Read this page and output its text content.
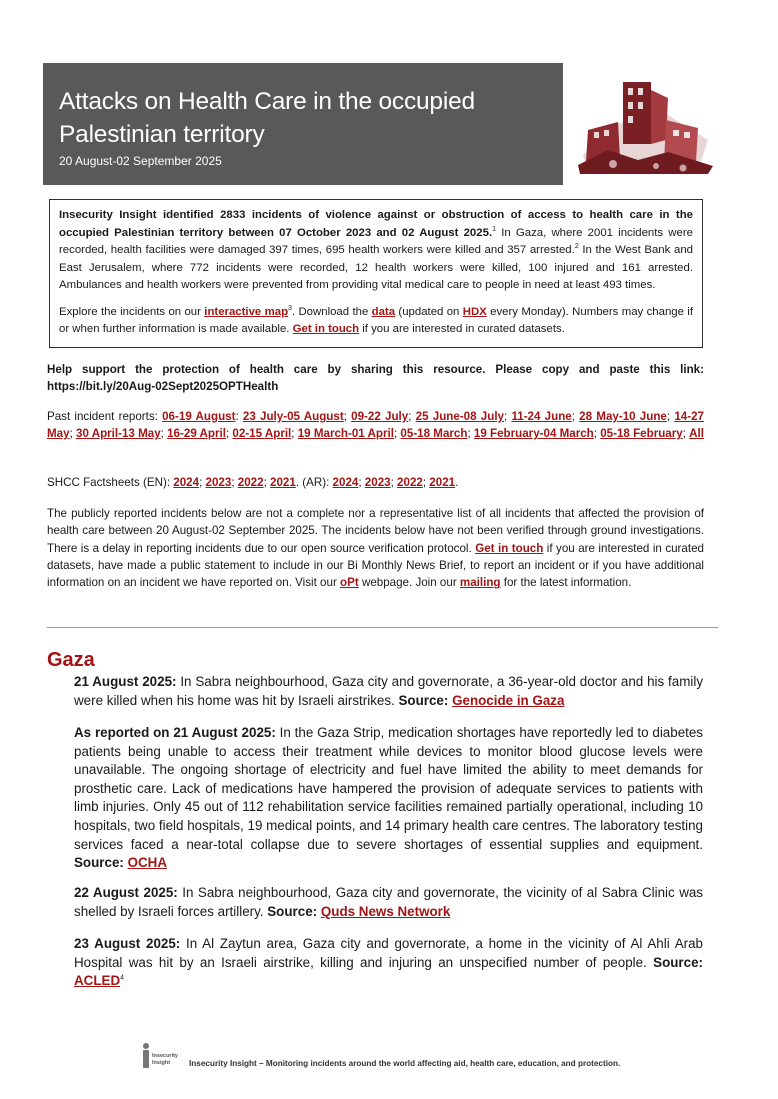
Attacks on Health Care in the occupied
Palestinian territory
20 August-02 September 2025

Insecurity Insight identified 2833 incidents of violence against or obstruction of access to health care in the occupied Palestinian territory between 07 October 2023 and 02 August 2025.$^1$ In Gaza, where 2001 incidents were recorded, health facilities were damaged 397 times, 695 health workers were killed and 357 arrested.$^2$ In the West Bank and East Jerusalem, where 772 incidents were recorded, 12 health workers were killed, 100 injured and 161 arrested. Ambulances and health workers were prevented from providing vital medical care to people in need at least 493 times.

Explore the incidents on our interactive map$^3$. Download the data (updated on HDX every Monday). Numbers may change if or when further information is made available. Get in touch if you are interested in curated datasets.

Help support the protection of health care by sharing this resource. Please copy and paste this link: https://bit.ly/20Aug-02Sept2025OPTHealth
Past incident reports: 06-19 August: 23 July-05 August; 09-22 July; 25 June-08 July; 11-24 June; 28 May-10 June; 14-27 May; 30 April-13 May; 16-29 April; 02-15 April; 19 March-01 April; 05-18 March; 19 February-04 March; 05-18 February; All
SHCC Factsheets (EN): 2024; 2023; 2022; 2021. (AR): 2024; 2023; 2022; 2021.
The publicly reported incidents below are not a complete nor a representative list of all incidents that affected the provision of health care between 20 August-02 September 2025. The incidents below have not been verified through ground investigations. There is a delay in reporting incidents due to our open source verification protocol. Get in touch if you are interested in curated datasets, have made a public statement to include in our Bi Monthly News Brief, to report an incident or if you have additional information on an incident we have reported on. Visit our oPt webpage. Join our mailing for the latest information.
Gaza
21 August 2025: In Sabra neighbourhood, Gaza city and governorate, a 36-year-old doctor and his family were killed when his home was hit by Israeli airstrikes. Source: Genocide in Gaza
As reported on 21 August 2025: In the Gaza Strip, medication shortages have reportedly led to diabetes patients being unable to access their treatment while devices to monitor blood glucose levels were unavailable. The ongoing shortage of electricity and fuel have limited the ability to meet demands for prosthetic care. Lack of medications have hampered the provision of adequate services to patients with limb injuries. Only 45 out of 112 rehabilitation service facilities remained partially operational, including 10 hospitals, two field hospitals, 19 medical points, and 14 primary health care centres. The laboratory testing services faced a near-total collapse due to severe shortages of essential supplies and equipment. Source: OCHA
22 August 2025: In Sabra neighbourhood, Gaza city and governorate, the vicinity of al Sabra Clinic was shelled by Israeli forces artillery. Source: Quds News Network
23 August 2025: In Al Zaytun area, Gaza city and governorate, a home in the vicinity of Al Ahli Arab Hospital was hit by an Israeli airstrike, killing and injuring an unspecified number of people. Source: ACLED$^4$
Insecurity
Insight Insecurity Insight – Monitoring incidents around the world affecting aid, health care, education, and protection.
